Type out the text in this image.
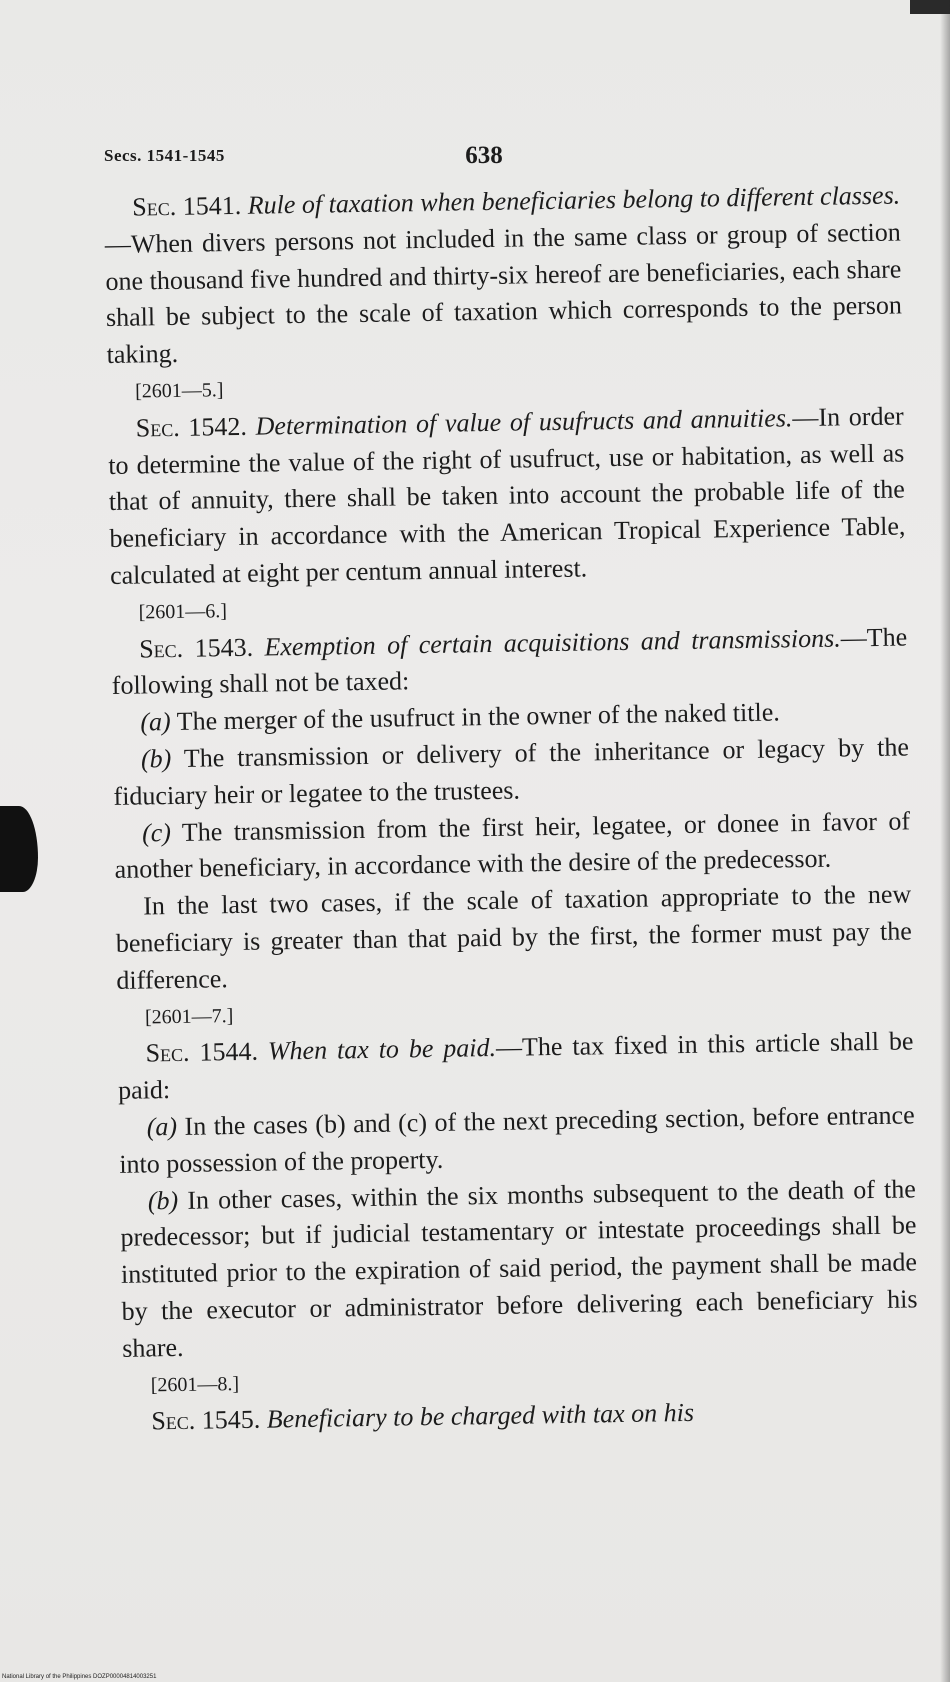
Secs. 1541-1545	638

Sec. 1541. Rule of taxation when beneficiaries belong to different classes.—When divers persons not included in the same class or group of section one thousand five hundred and thirty-six hereof are beneficiaries, each share shall be subject to the scale of taxation which corresponds to the person taking.

[2601—5.]

Sec. 1542. Determination of value of usufructs and annuities.—In order to determine the value of the right of usufruct, use or habitation, as well as that of annuity, there shall be taken into account the probable life of the beneficiary in accordance with the American Tropical Experience Table, calculated at eight per centum annual interest.

[2601—6.]

Sec. 1543. Exemption of certain acquisitions and transmissions.—The following shall not be taxed:

(a) The merger of the usufruct in the owner of the naked title.

(b) The transmission or delivery of the inheritance or legacy by the fiduciary heir or legatee to the trustees.

(c) The transmission from the first heir, legatee, or donee in favor of another beneficiary, in accordance with the desire of the predecessor.

In the last two cases, if the scale of taxation appropriate to the new beneficiary is greater than that paid by the first, the former must pay the difference.

[2601—7.]

Sec. 1544. When tax to be paid.—The tax fixed in this article shall be paid:

(a) In the cases (b) and (c) of the next preceding section, before entrance into possession of the property.

(b) In other cases, within the six months subsequent to the death of the predecessor; but if judicial testamentary or intestate proceedings shall be instituted prior to the expiration of said period, the payment shall be made by the executor or administrator before delivering each beneficiary his share.

[2601—8.]

Sec. 1545. Beneficiary to be charged with tax on his

National Library of the Philippines DOZP00004814003251
